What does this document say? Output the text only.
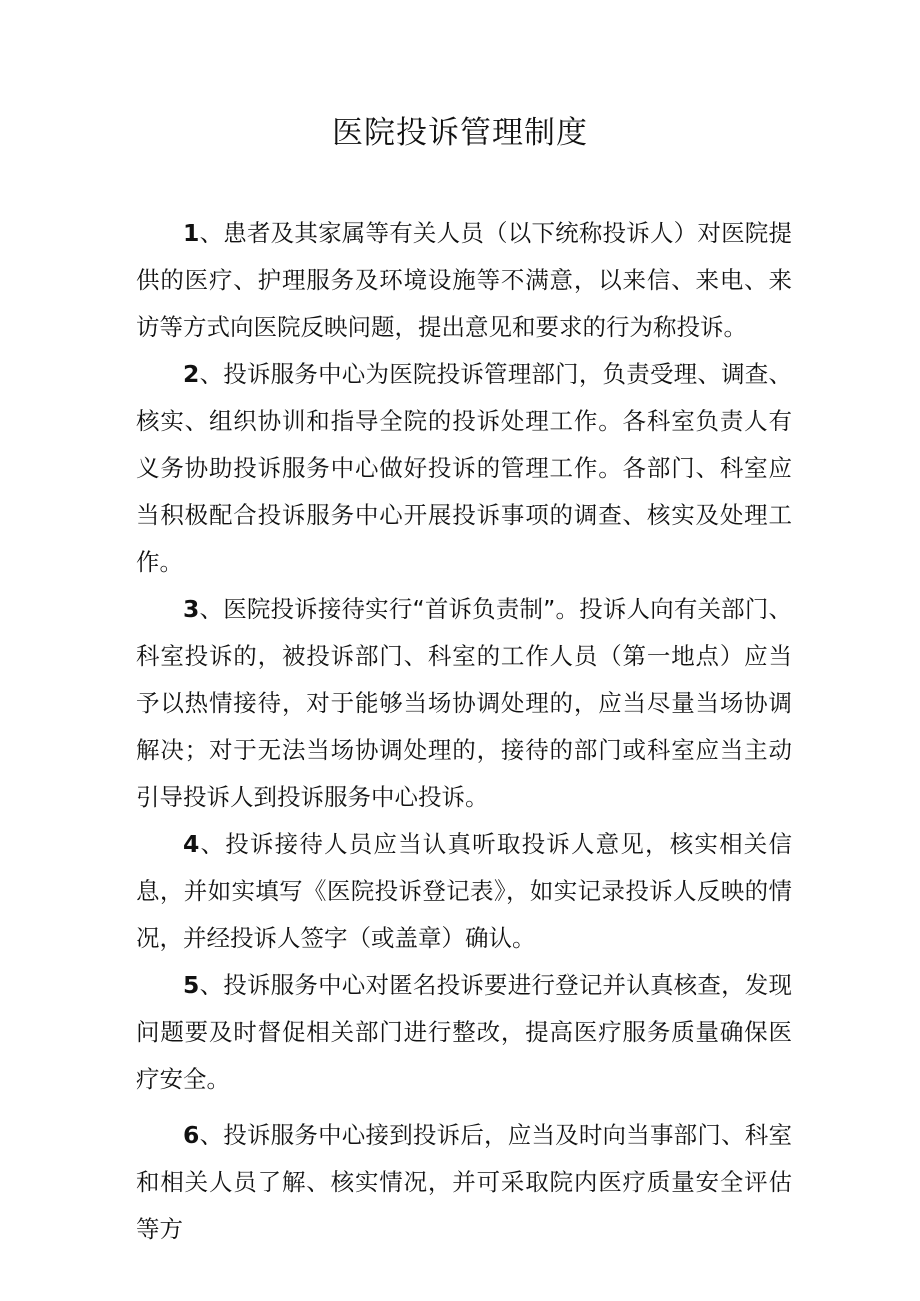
医院投诉管理制度

1、患者及其家属等有关人员（以下统称投诉人）对医院提供的医疗、护理服务及环境设施等不满意，以来信、来电、来访等方式向医院反映问题，提出意见和要求的行为称投诉。

2、投诉服务中心为医院投诉管理部门，负责受理、调查、核实、组织协训和指导全院的投诉处理工作。各科室负责人有义务协助投诉服务中心做好投诉的管理工作。各部门、科室应当积极配合投诉服务中心开展投诉事项的调查、核实及处理工作。

3、医院投诉接待实行“首诉负责制”。投诉人向有关部门、科室投诉的，被投诉部门、科室的工作人员（第一地点）应当予以热情接待，对于能够当场协调处理的，应当尽量当场协调解决；对于无法当场协调处理的，接待的部门或科室应当主动引导投诉人到投诉服务中心投诉。

4、投诉接待人员应当认真听取投诉人意见，核实相关信息，并如实填写《医院投诉登记表》，如实记录投诉人反映的情况，并经投诉人签字（或盖章）确认。

5、投诉服务中心对匿名投诉要进行登记并认真核查，发现问题要及时督促相关部门进行整改，提高医疗服务质量确保医疗安全。

6、投诉服务中心接到投诉后，应当及时向当事部门、科室和相关人员了解、核实情况，并可采取院内医疗质量安全评估等方
